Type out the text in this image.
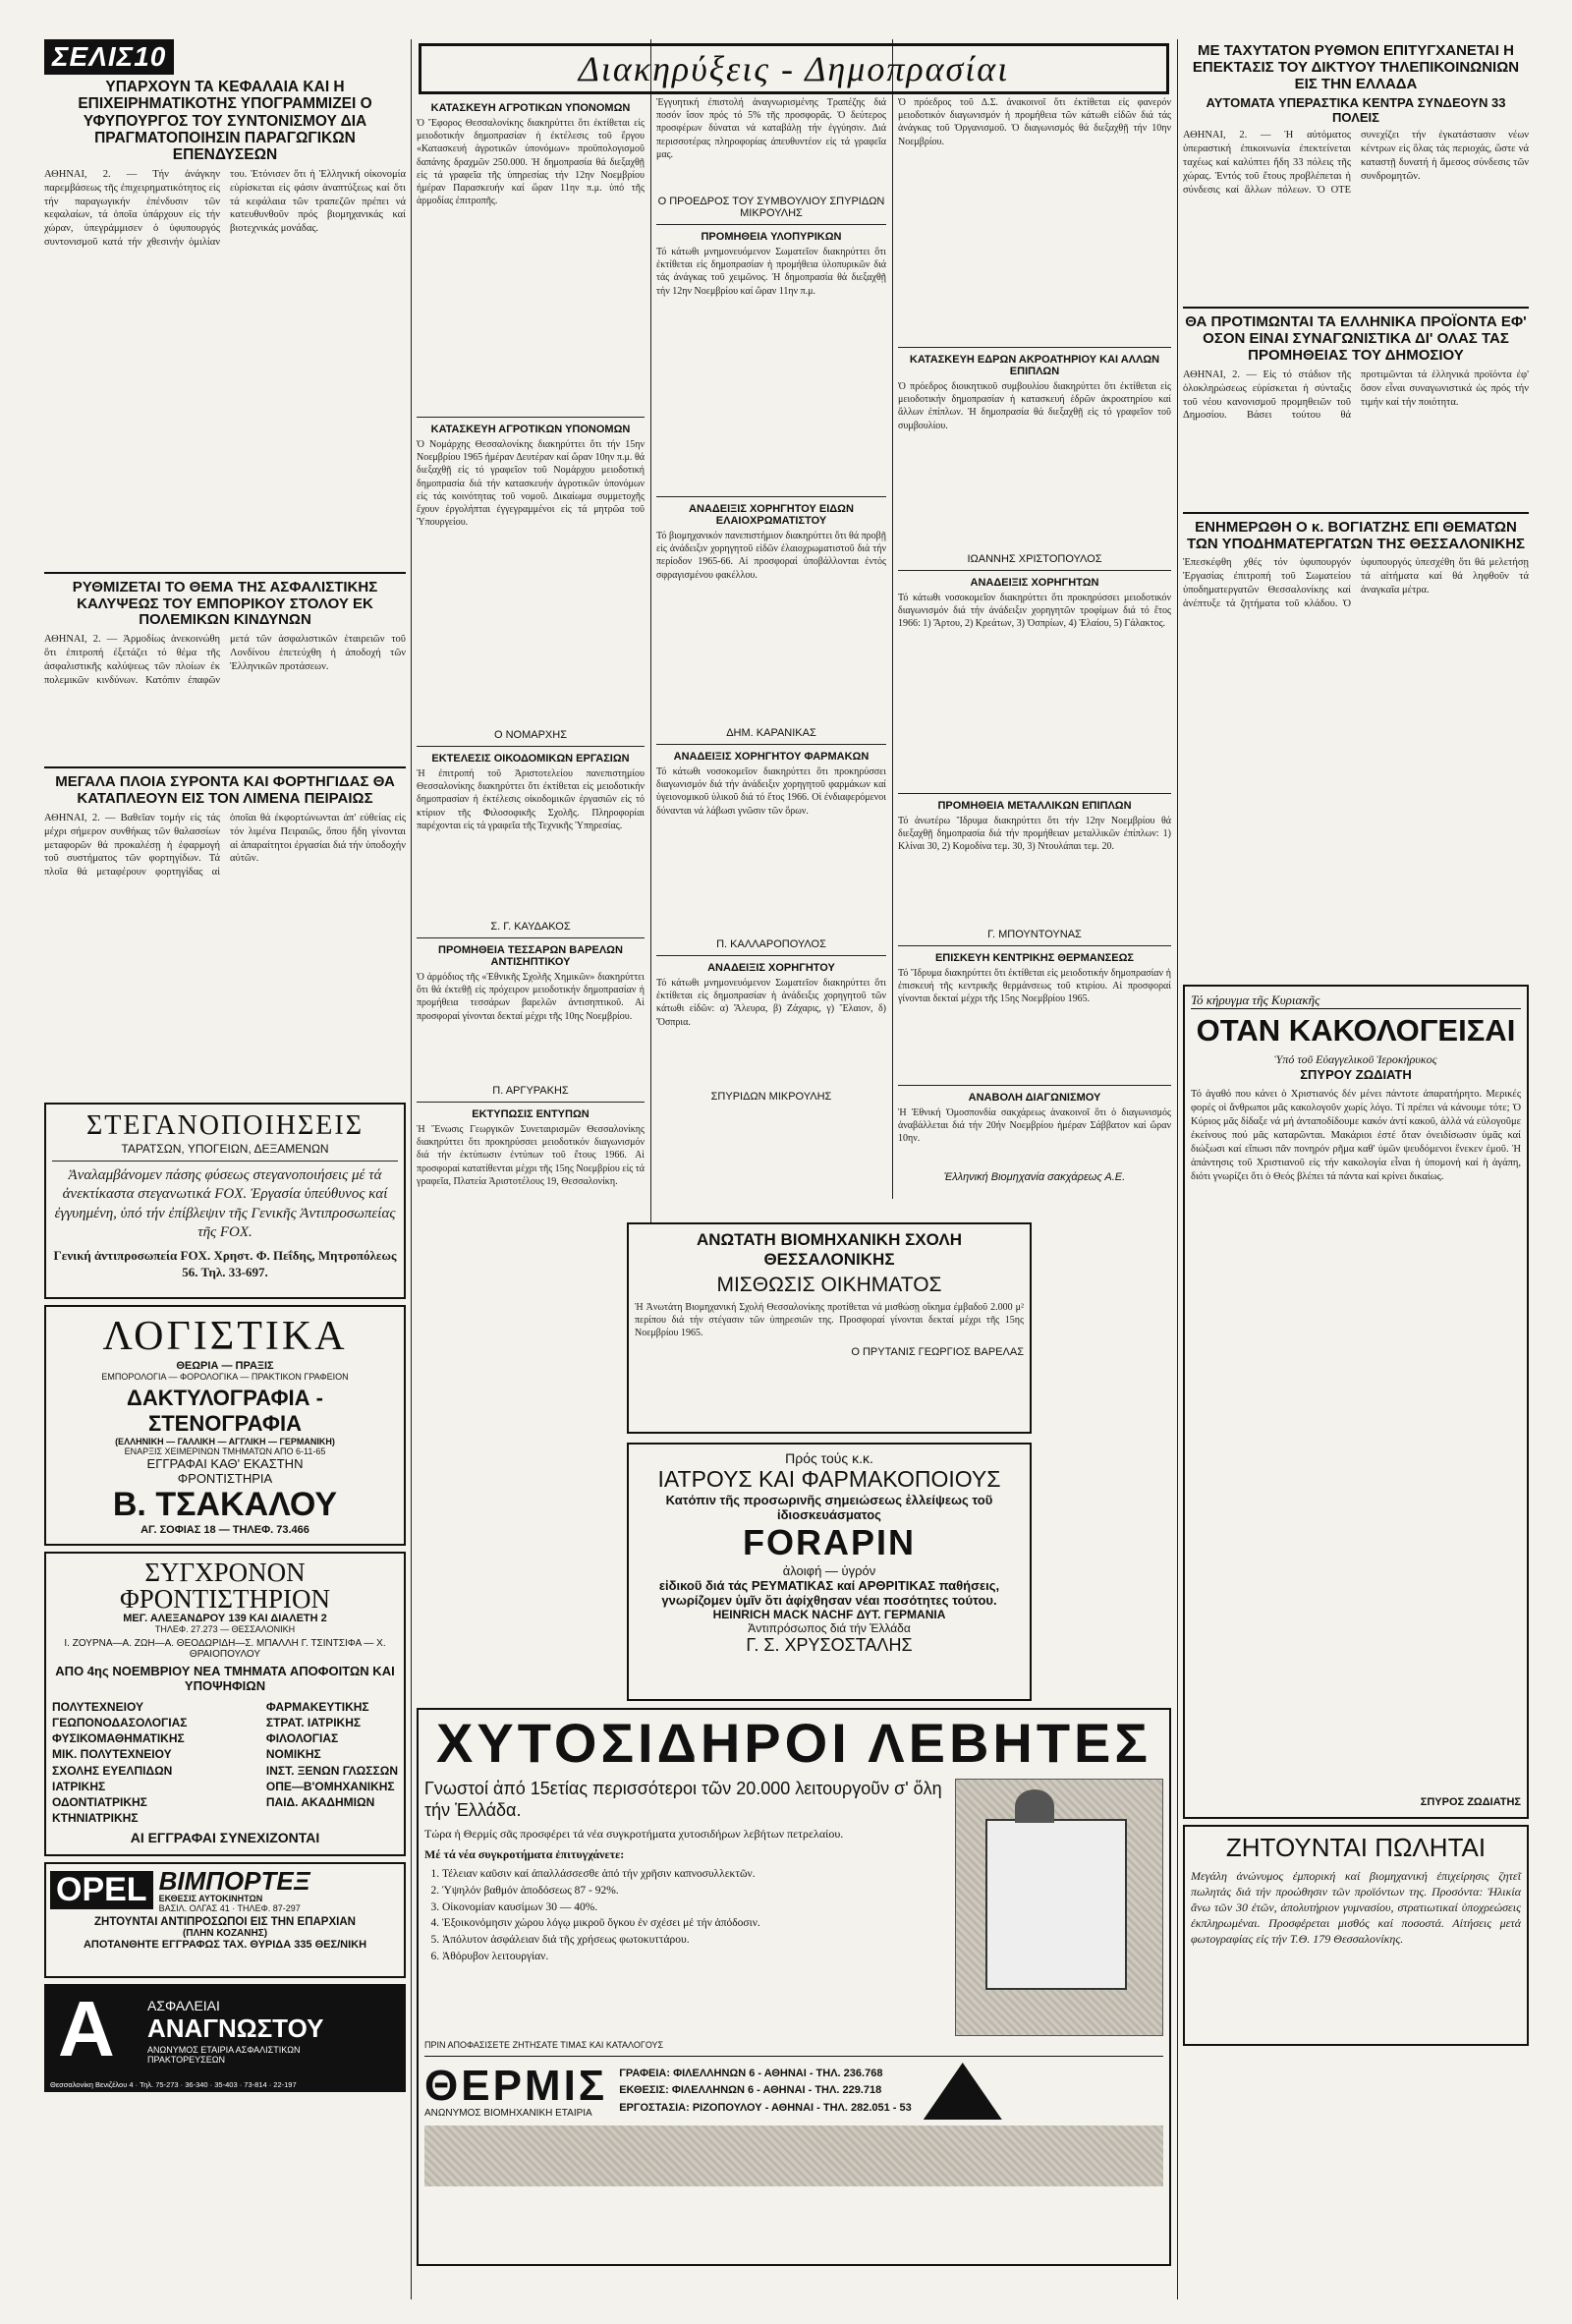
ΣΕΛΙΣ10
ΥΠΑΡΧΟΥΝ ΤΑ ΚΕΦΑΛΑΙΑ ΚΑΙ Η ΕΠΙΧΕΙΡΗΜΑΤΙΚΟΤΗΣ ΥΠΟΓΡΑΜΜΙΖΕΙ Ο ΥΦΥΠΟΥΡΓΟΣ ΤΟΥ ΣΥΝΤΟΝΙΣΜΟΥ ΔΙΑ ΠΡΑΓΜΑΤΟΠΟΙΗΣΙΝ ΠΑΡΑΓΩΓΙΚΩΝ ΕΠΕΝΔΥΣΕΩΝ

ΑΘΗΝΑΙ, 2. — Τήν ἀνάγκην παρεμβάσεως τῆς ἐπιχειρηματικότητος εἰς τήν παραγωγικήν ἐπένδυσιν τῶν κεφαλαίων, τά ὁποῖα ὑπάρχουν εἰς τήν χώραν, ὑπεγράμμισεν ὁ ὑφυπουργός συντονισμοῦ κατά τήν χθεσινήν ὁμιλίαν του. Ἐτόνισεν ὅτι ἡ Ἑλληνική οἰκονομία εὑρίσκεται εἰς φάσιν ἀναπτύξεως καί ὅτι τά κεφάλαια τῶν τραπεζῶν πρέπει νά κατευθυνθοῦν πρός βιομηχανικάς καί βιοτεχνικάς μονάδας.

ΡΥΘΜΙΖΕΤΑΙ ΤΟ ΘΕΜΑ ΤΗΣ ΑΣΦΑΛΙΣΤΙΚΗΣ ΚΑΛΥΨΕΩΣ ΤΟΥ ΕΜΠΟΡΙΚΟΥ ΣΤΟΛΟΥ ΕΚ ΠΟΛΕΜΙΚΩΝ ΚΙΝΔΥΝΩΝ

ΑΘΗΝΑΙ, 2. — Ἀρμοδίως ἀνεκοινώθη ὅτι ἐπιτροπή ἐξετάζει τό θέμα τῆς ἀσφαλιστικῆς καλύψεως τῶν πλοίων ἐκ πολεμικῶν κινδύνων. Κατόπιν ἐπαφῶν μετά τῶν ἀσφαλιστικῶν ἑταιρειῶν τοῦ Λονδίνου ἐπετεύχθη ἡ ἀποδοχή τῶν Ἑλληνικῶν προτάσεων.

ΜΕΓΑΛΑ ΠΛΟΙΑ ΣΥΡΟΝΤΑ ΚΑΙ ΦΟΡΤΗΓΙΔΑΣ ΘΑ ΚΑΤΑΠΛΕΟΥΝ ΕΙΣ ΤΟΝ ΛΙΜΕΝΑ ΠΕΙΡΑΙΩΣ

ΑΘΗΝΑΙ, 2. — Βαθεῖαν τομήν εἰς τάς μέχρι σήμερον συνθήκας τῶν θαλασσίων μεταφορῶν θά προκαλέσῃ ἡ ἐφαρμογή τοῦ συστήματος τῶν φορτηγίδων. Τά πλοῖα θά μεταφέρουν φορτηγίδας αἱ ὁποῖαι θά ἐκφορτώνωνται ἀπ' εὐθείας εἰς τόν λιμένα Πειραιῶς, ὅπου ἤδη γίνονται αἱ ἀπαραίτητοι ἐργασίαι διά τήν ὑποδοχήν αὐτῶν.

ΣΤΕΓΑΝΟΠΟΙΗΣΕΙΣ
ΤΑΡΑΤΣΩΝ, ΥΠΟΓΕΙΩΝ, ΔΕΞΑΜΕΝΩΝ

Ἀναλαμβάνομεν πάσης φύσεως στεγανοποιήσεις μέ τά ἀνεκτίκαστα στεγανωτικά FOX. Ἐργασία ὑπεύθυνος καί ἐγγυημένη, ὑπό τήν ἐπίβλεψιν τῆς Γενικῆς Ἀντιπροσωπείας τῆς FOX.

Γενική ἀντιπροσωπεία FOX. Χρηστ. Φ. Πεΐδης, Μητροπόλεως 56. Τηλ. 33-697.

ΛΟΓΙΣΤΙΚΑ
ΘΕΩΡΙΑ — ΠΡΑΞΙΣ
ΕΜΠΟΡΟΛΟΓΙΑ — ΦΟΡΟΛΟΓΙΚΑ — ΠΡΑΚΤΙΚΟΝ ΓΡΑΦΕΙΟΝ
ΔΑΚΤΥΛΟΓΡΑΦΙΑ - ΣΤΕΝΟΓΡΑΦΙΑ
(ΕΛΛΗΝΙΚΗ — ΓΑΛΛΙΚΗ — ΑΓΓΛΙΚΗ — ΓΕΡΜΑΝΙΚΗ)
ΕΝΑΡΞΙΣ ΧΕΙΜΕΡΙΝΩΝ ΤΜΗΜΑΤΩΝ ΑΠΟ 6-11-65
ΕΓΓΡΑΦΑΙ ΚΑΘ' ΕΚΑΣΤΗΝ
ΦΡΟΝΤΙΣΤΗΡΙΑ
Β. ΤΣΑΚΑΛΟΥ
ΑΓ. ΣΟΦΙΑΣ 18 — ΤΗΛΕΦ. 73.466
ΣΥΓΧΡΟΝΟΝ ΦΡΟΝΤΙΣΤΗΡΙΟΝ
ΜΕΓ. ΑΛΕΞΑΝΔΡΟΥ 139 ΚΑΙ ΔΙΑΛΕΤΗ 2
ΤΗΛΕΦ. 27.273 — ΘΕΣΣΑΛΟΝΙΚΗ
Ι. ΖΟΥΡΝΑ—Α. ΖΩΗ—Α. ΘΕΟΔΩΡΙΔΗ—Σ. ΜΠΑΛΛΗ Γ. ΤΣΙΝΤΣΙΦΑ — Χ. ΘΡΑΙΟΠΟΥΛΟΥ
ΑΠΟ 4ης ΝΟΕΜΒΡΙΟΥ ΝΕΑ ΤΜΗΜΑΤΑ ΑΠΟΦΟΙΤΩΝ ΚΑΙ ΥΠΟΨΗΦΙΩΝ
ΠΟΛΥΤΕΧΝΕΙΟΥ
ΓΕΩΠΟΝΟΔΑΣΟΛΟΓΙΑΣ
ΦΥΣΙΚΟΜΑΘΗΜΑΤΙΚΗΣ
ΜΙΚ. ΠΟΛΥΤΕΧΝΕΙΟΥ
ΣΧΟΛΗΣ ΕΥΕΛΠΙΔΩΝ
ΙΑΤΡΙΚΗΣ
ΟΔΟΝΤΙΑΤΡΙΚΗΣ
ΚΤΗΝΙΑΤΡΙΚΗΣ
ΦΑΡΜΑΚΕΥΤΙΚΗΣ
ΣΤΡΑΤ. ΙΑΤΡΙΚΗΣ
ΦΙΛΟΛΟΓΙΑΣ
ΝΟΜΙΚΗΣ
ΙΝΣΤ. ΞΕΝΩΝ ΓΛΩΣΣΩΝ
ΟΠΕ—Β'ΟΜΗΧΑΝΙΚΗΣ
ΠΑΙΔ. ΑΚΑΔΗΜΙΩΝ
ΑΙ ΕΓΓΡΑΦΑΙ ΣΥΝΕΧΙΖΟΝΤΑΙ
OPEL ΒΙΜΠΟΡΤΕΞ
ΕΚΘΕΣΙΣ ΑΥΤΟΚΙΝΗΤΩΝ
ΒΑΣΙΛ. ΟΛΓΑΣ 41 · ΤΗΛΕΦ. 87-297
ΖΗΤΟΥΝΤΑΙ ΑΝΤΙΠΡΟΣΩΠΟΙ ΕΙΣ ΤΗΝ ΕΠΑΡΧΙΑΝ
(ΠΛΗΝ ΚΟΖΑΝΗΣ)
ΑΠΟΤΑΝΘΗΤΕ ΕΓΓΡΑΦΩΣ ΤΑΧ. ΘΥΡΙΔΑ 335 ΘΕΣ/ΝΙΚΗ
Α ΑΣΦΑΛΕΙΑΙ
ΑΝΑΓΝΩΣΤΟΥ
ΑΝΩΝΥΜΟΣ ΕΤΑΙΡΙΑ ΑΣΦΑΛΙΣΤΙΚΩΝ ΠΡΑΚΤΟΡΕΥΣΕΩΝ
Θεσσαλονίκη Βενιζέλου 4 · Τηλ. 75-273 · 36-340 · 35-403 · 73-814 · 22-197
Διακηρύξεις - Δημοπρασίαι
ΚΑΤΑΣΚΕΥΗ ΑΓΡΟΤΙΚΩΝ ΥΠΟΝΟΜΩΝ

Ὁ Ἔφορος Θεσσαλονίκης διακηρύττει ὅτι ἐκτίθεται εἰς μειοδοτικήν δημοπρασίαν ἡ ἐκτέλεσις τοῦ ἔργου «Κατασκευή ἀγροτικῶν ὑπονόμων» προϋπολογισμοῦ δαπάνης δραχμῶν 250.000. Ἡ δημοπρασία θά διεξαχθῇ εἰς τά γραφεῖα τῆς ὑπηρεσίας τήν 12ην Νοεμβρίου ἡμέραν Παρασκευήν καί ὥραν 11ην π.μ. ὑπό τῆς ἁρμοδίας ἐπιτροπῆς.

ΚΑΤΑΣΚΕΥΗ ΑΓΡΟΤΙΚΩΝ ΥΠΟΝΟΜΩΝ

Ὁ Νομάρχης Θεσσαλονίκης διακηρύττει ὅτι τήν 15ην Νοεμβρίου 1965 ἡμέραν Δευτέραν καί ὥραν 10ην π.μ. θά διεξαχθῇ εἰς τό γραφεῖον τοῦ Νομάρχου μειοδοτική δημοπρασία διά τήν κατασκευήν ἀγροτικῶν ὑπονόμων εἰς τάς κοινότητας τοῦ νομοῦ. Δικαίωμα συμμετοχῆς ἔχουν ἐργολήπται ἐγγεγραμμένοι εἰς τά μητρῶα τοῦ Ὑπουργείου.

Ο ΝΟΜΑΡΧΗΣ
ΕΚΤΕΛΕΣΙΣ ΟΙΚΟΔΟΜΙΚΩΝ ΕΡΓΑΣΙΩΝ

Ἡ ἐπιτροπή τοῦ Ἀριστοτελείου πανεπιστημίου Θεσσαλονίκης διακηρύττει ὅτι ἐκτίθεται εἰς μειοδοτικήν δημοπρασίαν ἡ ἐκτέλεσις οἰκοδομικῶν ἐργασιῶν εἰς τό κτίριον τῆς Φιλοσοφικῆς Σχολῆς. Πληροφορίαι παρέχονται εἰς τά γραφεῖα τῆς Τεχνικῆς Ὑπηρεσίας.

Σ. Γ. ΚΑΥΔΑΚΟΣ
ΠΡΟΜΗΘΕΙΑ ΤΕΣΣΑΡΩΝ ΒΑΡΕΛΩΝ ΑΝΤΙΣΗΠΤΙΚΟΥ

Ὁ ἀρμόδιος τῆς «Ἐθνικῆς Σχολῆς Χημικῶν» διακηρύττει ὅτι θά ἐκτεθῇ εἰς πρόχειρον μειοδοτικήν δημοπρασίαν ἡ προμήθεια τεσσάρων βαρελῶν ἀντισηπτικοῦ. Αἱ προσφοραί γίνονται δεκταί μέχρι τῆς 10ης Νοεμβρίου.

Π. ΑΡΓΥΡΑΚΗΣ
ΕΚΤΥΠΩΣΙΣ ΕΝΤΥΠΩΝ

Ἡ Ἕνωσις Γεωργικῶν Συνεταιρισμῶν Θεσσαλονίκης διακηρύττει ὅτι προκηρύσσει μειοδοτικόν διαγωνισμόν διά τήν ἐκτύπωσιν ἐντύπων τοῦ ἔτους 1966. Αἱ προσφοραί κατατίθενται μέχρι τῆς 15ης Νοεμβρίου εἰς τά γραφεῖα, Πλατεία Ἀριστοτέλους 19, Θεσσαλονίκη.

Ἐγγυητική ἐπιστολή ἀναγνωρισμένης Τραπέζης διά ποσόν ἴσον πρός τό 5% τῆς προσφορᾶς. Ὁ δεύτερος προσφέρων δύναται νά καταβάλῃ τήν ἐγγύησιν. Διά περισσοτέρας πληροφορίας ἀπευθυντέον εἰς τά γραφεῖα μας.

Ο ΠΡΟΕΔΡΟΣ ΤΟΥ ΣΥΜΒΟΥΛΙΟΥ ΣΠΥΡΙΔΩΝ ΜΙΚΡΟΥΛΗΣ
ΠΡΟΜΗΘΕΙΑ ΥΛΟΠΥΡΙΚΩΝ

Τό κάτωθι μνημονευόμενον Σωματεῖον διακηρύττει ὅτι ἐκτίθεται εἰς δημοπρασίαν ἡ προμήθεια ὑλοπυρικῶν διά τάς ἀνάγκας τοῦ χειμῶνος. Ἡ δημοπρασία θά διεξαχθῇ τήν 12ην Νοεμβρίου καί ὥραν 11ην π.μ.

ΑΝΑΔΕΙΞΙΣ ΧΟΡΗΓΗΤΟΥ ΕΙΔΩΝ ΕΛΑΙΟΧΡΩΜΑΤΙΣΤΟΥ

Τό βιομηχανικόν πανεπιστήμιον διακηρύττει ὅτι θά προβῇ εἰς ἀνάδειξιν χορηγητοῦ εἰδῶν ἐλαιοχρωματιστοῦ διά τήν περίοδον 1965-66. Αἱ προσφοραί ὑποβάλλονται ἐντός σφραγισμένου φακέλλου.

ΔΗΜ. ΚΑΡΑΝΙΚΑΣ
ΑΝΑΔΕΙΞΙΣ ΧΟΡΗΓΗΤΟΥ ΦΑΡΜΑΚΩΝ

Τό κάτωθι νοσοκομεῖον διακηρύττει ὅτι προκηρύσσει διαγωνισμόν διά τήν ἀνάδειξιν χορηγητοῦ φαρμάκων καί ὑγειονομικοῦ ὑλικοῦ διά τό ἔτος 1966. Οἱ ἐνδιαφερόμενοι δύνανται νά λάβωσι γνῶσιν τῶν ὅρων.

Π. ΚΑΛΛΑΡΟΠΟΥΛΟΣ
ΑΝΑΔΕΙΞΙΣ ΧΟΡΗΓΗΤΟΥ

Τό κάτωθι μνημονευόμενον Σωματεῖον διακηρύττει ὅτι ἐκτίθεται εἰς δημοπρασίαν ἡ ἀνάδειξις χορηγητοῦ τῶν κάτωθι εἰδῶν: α) Ἄλευρα, β) Ζάχαρις, γ) Ἔλαιον, δ) Ὄσπρια.

ΣΠΥΡΙΔΩΝ ΜΙΚΡΟΥΛΗΣ

Ὁ πρόεδρος τοῦ Δ.Σ. ἀνακοινοῖ ὅτι ἐκτίθεται εἰς φανερόν μειοδοτικόν διαγωνισμόν ἡ προμήθεια τῶν κάτωθι εἰδῶν διά τάς ἀνάγκας τοῦ Ὀργανισμοῦ. Ὁ διαγωνισμός θά διεξαχθῇ τήν 10ην Νοεμβρίου.

ΚΑΤΑΣΚΕΥΗ ΕΔΡΩΝ ΑΚΡΟΑΤΗΡΙΟΥ ΚΑΙ ΑΛΛΩΝ ΕΠΙΠΛΩΝ

Ὁ πρόεδρος διοικητικοῦ συμβουλίου διακηρύττει ὅτι ἐκτίθεται εἰς μειοδοτικήν δημοπρασίαν ἡ κατασκευή ἑδρῶν ἀκροατηρίου καί ἄλλων ἐπίπλων. Ἡ δημοπρασία θά διεξαχθῇ εἰς τό γραφεῖον τοῦ συμβουλίου.

ΙΩΑΝΝΗΣ ΧΡΙΣΤΟΠΟΥΛΟΣ
ΑΝΑΔΕΙΞΙΣ ΧΟΡΗΓΗΤΩΝ

Τό κάτωθι νοσοκομεῖον διακηρύττει ὅτι προκηρύσσει μειοδοτικόν διαγωνισμόν διά τήν ἀνάδειξιν χορηγητῶν τροφίμων διά τό ἔτος 1966: 1) Ἄρτου, 2) Κρεάτων, 3) Ὀσπρίων, 4) Ἐλαίου, 5) Γάλακτος.

ΠΡΟΜΗΘΕΙΑ ΜΕΤΑΛΛΙΚΩΝ ΕΠΙΠΛΩΝ

Τό ἀνωτέρω Ἵδρυμα διακηρύττει ὅτι τήν 12ην Νοεμβρίου θά διεξαχθῇ δημοπρασία διά τήν προμήθειαν μεταλλικῶν ἐπίπλων: 1) Κλίναι 30, 2) Κομοδίνα τεμ. 30, 3) Ντουλάπαι τεμ. 20.

Γ. ΜΠΟΥΝΤΟΥΝΑΣ
ΕΠΙΣΚΕΥΗ ΚΕΝΤΡΙΚΗΣ ΘΕΡΜΑΝΣΕΩΣ

Τό Ἵδρυμα διακηρύττει ὅτι ἐκτίθεται εἰς μειοδοτικήν δημοπρασίαν ἡ ἐπισκευή τῆς κεντρικῆς θερμάνσεως τοῦ κτιρίου. Αἱ προσφοραί γίνονται δεκταί μέχρι τῆς 15ης Νοεμβρίου 1965.

ΑΝΑΒΟΛΗ ΔΙΑΓΩΝΙΣΜΟΥ

Ἡ Ἐθνική Ὁμοσπονδία σακχάρεως ἀνακοινοῖ ὅτι ὁ διαγωνισμός ἀναβάλλεται διά τήν 20ήν Νοεμβρίου ἡμέραν Σάββατον καί ὥραν 10ην.

Ἑλληνική Βιομηχανία σακχάρεως Α.Ε.
ΑΝΩΤΑΤΗ ΒΙΟΜΗΧΑΝΙΚΗ ΣΧΟΛΗ ΘΕΣΣΑΛΟΝΙΚΗΣ
ΜΙΣΘΩΣΙΣ ΟΙΚΗΜΑΤΟΣ

Ἡ Ἀνωτάτη Βιομηχανική Σχολή Θεσσαλονίκης προτίθεται νά μισθώσῃ οἴκημα ἐμβαδοῦ 2.000 μ² περίπου διά τήν στέγασιν τῶν ὑπηρεσιῶν της. Προσφοραί γίνονται δεκταί μέχρι τῆς 15ης Νοεμβρίου 1965.

Ο ΠΡΥΤΑΝΙΣ ΓΕΩΡΓΙΟΣ ΒΑΡΕΛΑΣ
Πρός τούς κ.κ.
ΙΑΤΡΟΥΣ ΚΑΙ ΦΑΡΜΑΚΟΠΟΙΟΥΣ
Κατόπιν τῆς προσωρινῆς σημειώσεως ἐλλείψεως τοῦ ἰδιοσκευάσματος
FORAPIN
ἀλοιφή — ὑγρόν
εἰδικοῦ διά τάς ΡΕΥΜΑΤΙΚΑΣ καί ΑΡΘΡΙΤΙΚΑΣ παθήσεις, γνωρίζομεν ὑμῖν ὅτι ἀφίχθησαν νέαι ποσότητες τούτου.
HEINRICH MACK NACHF ΔΥΤ. ΓΕΡΜΑΝΙΑ
Ἀντιπρόσωπος διά τήν Ἑλλάδα
Γ. Σ. ΧΡΥΣΟΣΤΑΛΗΣ
ΧΥΤΟΣΙΔΗΡΟΙ ΛΕΒΗΤΕΣ
Γνωστοί ἀπό 15ετίας περισσότεροι τῶν 20.000 λειτουργοῦν σ' ὅλη τήν Ἑλλάδα.
Τώρα ἡ Θερμίς σᾶς προσφέρει τά νέα συγκροτήματα χυτοσιδήρων λεβήτων πετρελαίου.
Μέ τά νέα συγκροτήματα ἐπιτυγχάνετε:
1. Τέλειαν καῦσιν καί ἀπαλλάσσεσθε ἀπό τήν χρῆσιν καπνοσυλλεκτῶν.
2. Ὑψηλόν βαθμόν ἀποδόσεως 87 - 92%.
3. Οἰκονομίαν καυσίμων 30 — 40%.
4. Ἐξοικονόμησιν χώρου λόγῳ μικροῦ ὄγκου ἐν σχέσει μέ τήν ἀπόδοσιν.
5. Ἀπόλυτον ἀσφάλειαν διά τῆς χρήσεως φωτοκυττάρου.
6. Ἀθόρυβον λειτουργίαν.
ΠΡΙΝ ΑΠΟΦΑΣΙΣΕΤΕ ΖΗΤΗΣΑΤΕ ΤΙΜΑΣ ΚΑΙ ΚΑΤΑΛΟΓΟΥΣ
ΘΕΡΜΙΣ
ΑΝΩΝΥΜΟΣ ΒΙΟΜΗΧΑΝΙΚΗ ΕΤΑΙΡΙΑ
ΓΡΑΦΕΙΑ: ΦΙΛΕΛΛΗΝΩΝ 6 - ΑΘΗΝΑΙ - ΤΗΛ. 236.768
ΕΚΘΕΣΙΣ: ΦΙΛΕΛΛΗΝΩΝ 6 - ΑΘΗΝΑΙ - ΤΗΛ. 229.718
ΕΡΓΟΣΤΑΣΙΑ: ΡΙΖΟΠΟΥΛΟΥ - ΑΘΗΝΑΙ - ΤΗΛ. 282.051 - 53
ΜΕ ΤΑΧΥΤΑΤΟΝ ΡΥΘΜΟΝ ΕΠΙΤΥΓΧΑΝΕΤΑΙ Η ΕΠΕΚΤΑΣΙΣ ΤΟΥ ΔΙΚΤΥΟΥ ΤΗΛΕΠΙΚΟΙΝΩΝΙΩΝ ΕΙΣ ΤΗΝ ΕΛΛΑΔΑ
ΑΥΤΟΜΑΤΑ ΥΠΕΡΑΣΤΙΚΑ ΚΕΝΤΡΑ ΣΥΝΔΕΟΥΝ 33 ΠΟΛΕΙΣ

ΑΘΗΝΑΙ, 2. — Ἡ αὐτόματος ὑπεραστική ἐπικοινωνία ἐπεκτείνεται ταχέως καί καλύπτει ἤδη 33 πόλεις τῆς χώρας. Ἐντός τοῦ ἔτους προβλέπεται ἡ σύνδεσις καί ἄλλων πόλεων. Ὁ ΟΤΕ συνεχίζει τήν ἐγκατάστασιν νέων κέντρων εἰς ὅλας τάς περιοχάς, ὥστε νά καταστῇ δυνατή ἡ ἄμεσος σύνδεσις τῶν συνδρομητῶν.

ΘΑ ΠΡΟΤΙΜΩΝΤΑΙ ΤΑ ΕΛΛΗΝΙΚΑ ΠΡΟΪΟΝΤΑ ΕΦ' ΟΣΟΝ ΕΙΝΑΙ ΣΥΝΑΓΩΝΙΣΤΙΚΑ ΔΙ' ΟΛΑΣ ΤΑΣ ΠΡΟΜΗΘΕΙΑΣ ΤΟΥ ΔΗΜΟΣΙΟΥ

ΑΘΗΝΑΙ, 2. — Εἰς τό στάδιον τῆς ὁλοκληρώσεως εὑρίσκεται ἡ σύνταξις τοῦ νέου κανονισμοῦ προμηθειῶν τοῦ Δημοσίου. Βάσει τούτου θά προτιμῶνται τά ἑλληνικά προϊόντα ἐφ' ὅσον εἶναι συναγωνιστικά ὡς πρός τήν τιμήν καί τήν ποιότητα.

ΕΝΗΜΕΡΩΘΗ Ο κ. ΒΟΓΙΑΤΖΗΣ ΕΠΙ ΘΕΜΑΤΩΝ ΤΩΝ ΥΠΟΔΗΜΑΤΕΡΓΑΤΩΝ ΤΗΣ ΘΕΣΣΑΛΟΝΙΚΗΣ

Ἐπεσκέφθη χθές τόν ὑφυπουργόν Ἐργασίας ἐπιτροπή τοῦ Σωματείου ὑποδηματεργατῶν Θεσσαλονίκης καί ἀνέπτυξε τά ζητήματα τοῦ κλάδου. Ὁ ὑφυπουργός ὑπεσχέθη ὅτι θά μελετήσῃ τά αἰτήματα καί θά ληφθοῦν τά ἀναγκαῖα μέτρα.

Τό κήρυγμα τῆς Κυριακῆς
ΟΤΑΝ ΚΑΚΟΛΟΓΕΙΣΑΙ
Ὑπό τοῦ Εὐαγγελικοῦ Ἱεροκήρυκος
ΣΠΥΡΟΥ ΖΩΔΙΑΤΗ

Τό ἀγαθό που κάνει ὁ Χριστιανός δέν μένει πάντοτε ἀπαρατήρητο. Μερικές φορές οἱ ἄνθρωποι μᾶς κακολογοῦν χωρίς λόγο. Τί πρέπει νά κάνουμε τότε; Ὁ Κύριος μᾶς δίδαξε νά μή ἀνταποδίδουμε κακόν ἀντί κακοῦ, ἀλλά νά εὐλογοῦμε ἐκείνους πού μᾶς καταρῶνται. Μακάριοι ἐστέ ὅταν ὀνειδίσωσιν ὑμᾶς καί διώξωσι καί εἴπωσι πᾶν πονηρόν ρῆμα καθ' ὑμῶν ψευδόμενοι ἕνεκεν ἐμοῦ. Ἡ ἀπάντησις τοῦ Χριστιανοῦ εἰς τήν κακολογία εἶναι ἡ ὑπομονή καί ἡ ἀγάπη, διότι γνωρίζει ὅτι ὁ Θεός βλέπει τά πάντα καί κρίνει δικαίως.

ΣΠΥΡΟΣ ΖΩΔΙΑΤΗΣ
ΖΗΤΟΥΝΤΑΙ ΠΩΛΗΤΑΙ

Μεγάλη ἀνώνυμος ἐμπορική καί βιομηχανική ἐπιχείρησις ζητεῖ πωλητάς διά τήν προώθησιν τῶν προϊόντων της. Προσόντα: Ἡλικία ἄνω τῶν 30 ἐτῶν, ἀπολυτήριον γυμνασίου, στρατιωτικαί ὑποχρεώσεις ἐκπληρωμέναι. Προσφέρεται μισθός καί ποσοστά. Αἰτήσεις μετά φωτογραφίας εἰς τήν Τ.Θ. 179 Θεσσαλονίκης.
